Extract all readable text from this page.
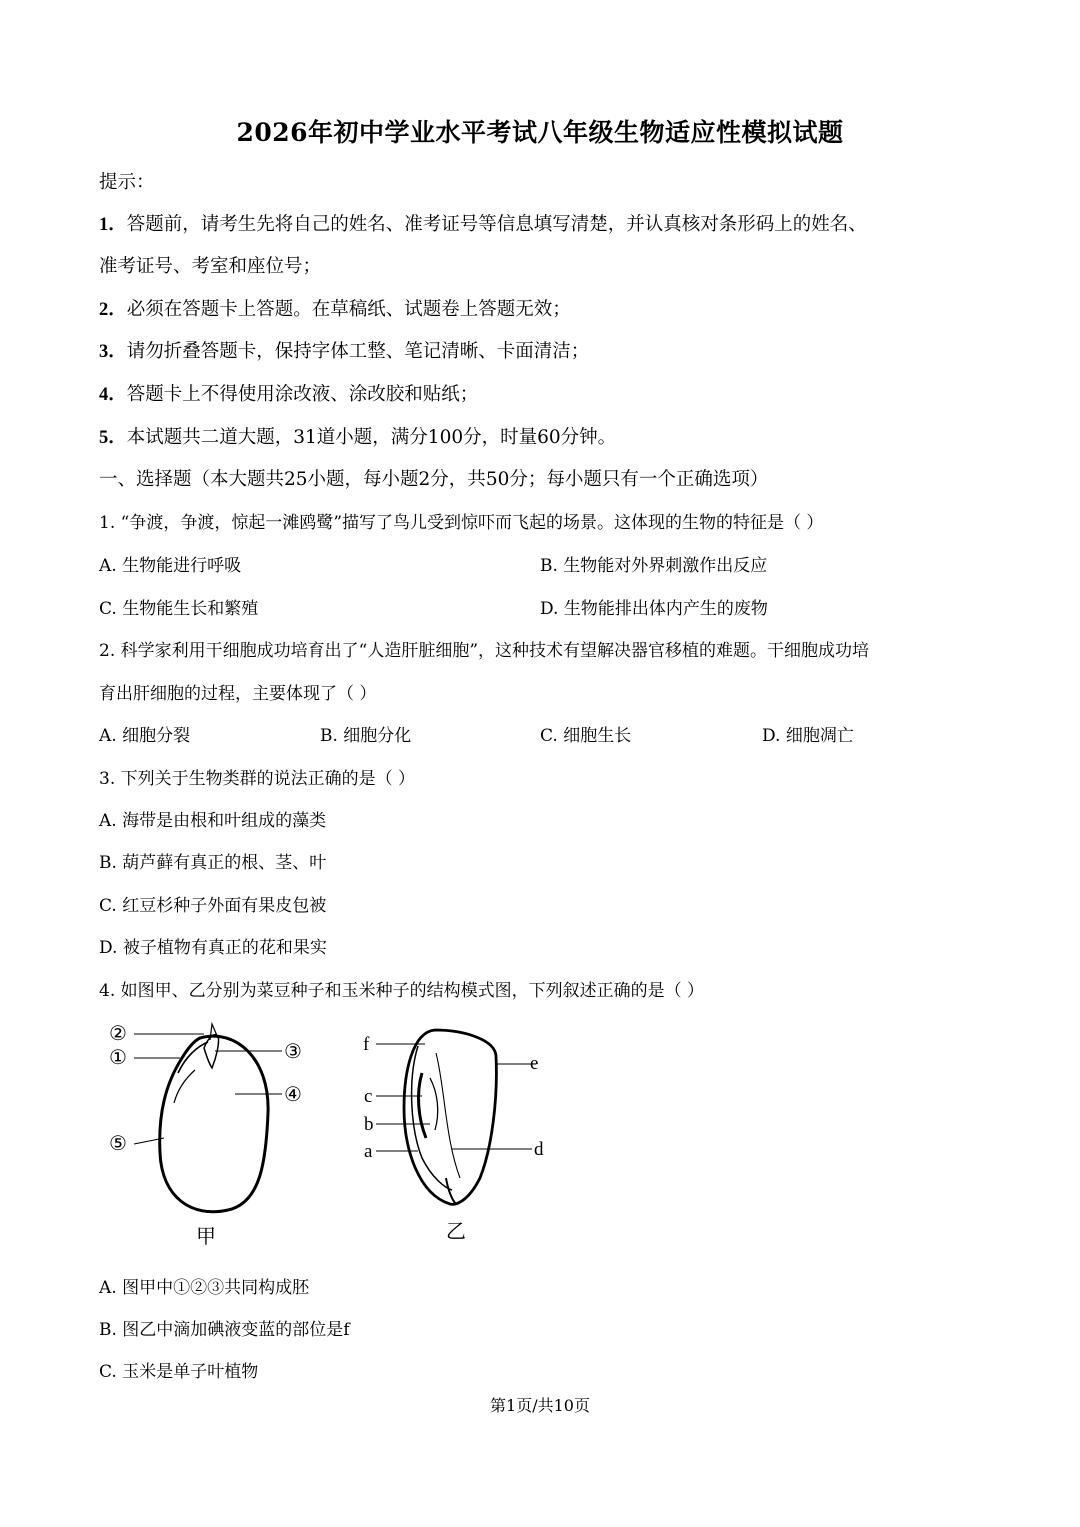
2026年初中学业水平考试八年级生物适应性模拟试题
提示：
1．答题前，请考生先将自己的姓名、准考证号等信息填写清楚，并认真核对条形码上的姓名、
准考证号、考室和座位号；
2．必须在答题卡上答题。在草稿纸、试题卷上答题无效；
3．请勿折叠答题卡，保持字体工整、笔记清晰、卡面清洁；
4．答题卡上不得使用涂改液、涂改胶和贴纸；
5．本试题共二道大题，31道小题，满分100分，时量60分钟。
一、选择题（本大题共25小题，每小题2分，共50分；每小题只有一个正确选项）
1. “争渡，争渡，惊起一滩鸥鹭”描写了鸟儿受到惊吓而飞起的场景。这体现的生物的特征是（ ）
A. 生物能进行呼吸	B. 生物能对外界刺激作出反应
C. 生物能生长和繁殖	D. 生物能排出体内产生的废物
2. 科学家利用干细胞成功培育出了“人造肝脏细胞”，这种技术有望解决器官移植的难题。干细胞成功培
育出肝细胞的过程，主要体现了（ ）
A. 细胞分裂	B. 细胞分化	C. 细胞生长	D. 细胞凋亡
3. 下列关于生物类群的说法正确的是（ ）
A. 海带是由根和叶组成的藻类
B. 葫芦藓有真正的根、茎、叶
C. 红豆杉种子外面有果皮包被
D. 被子植物有真正的花和果实
4. 如图甲、乙分别为菜豆种子和玉米种子的结构模式图，下列叙述正确的是（ ）
②
①	③
④
⑤
甲
f
e
c
b
a	d
乙
A. 图甲中①②③共同构成胚
B. 图乙中滴加碘液变蓝的部位是f
C. 玉米是单子叶植物
第1页/共10页
